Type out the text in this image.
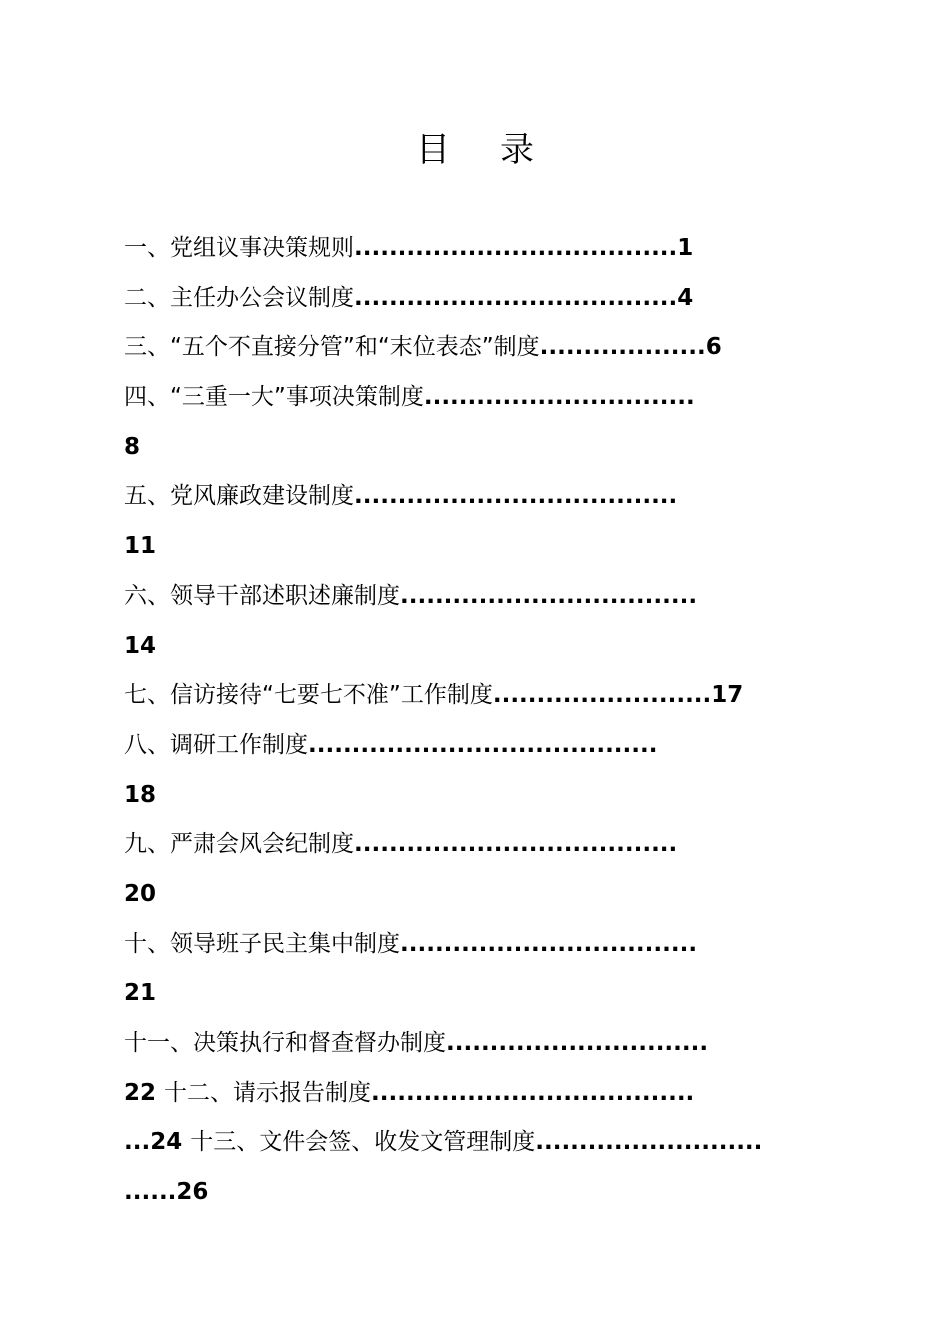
目 录
一、党组议事决策规则.....................................1
二、主任办公会议制度.....................................4
三、“五个不直接分管”和“末位表态”制度...................6
四、“三重一大”事项决策制度...............................
8
五、党风廉政建设制度.....................................
11
六、领导干部述职述廉制度..................................
14
七、信访接待“七要七不准”工作制度.........................17
八、调研工作制度........................................
18
九、严肃会风会纪制度.....................................
20
十、领导班子民主集中制度..................................
21
十一、决策执行和督查督办制度..............................
22 十二、请示报告制度.....................................
...24 十三、文件会签、收发文管理制度..........................
......26
